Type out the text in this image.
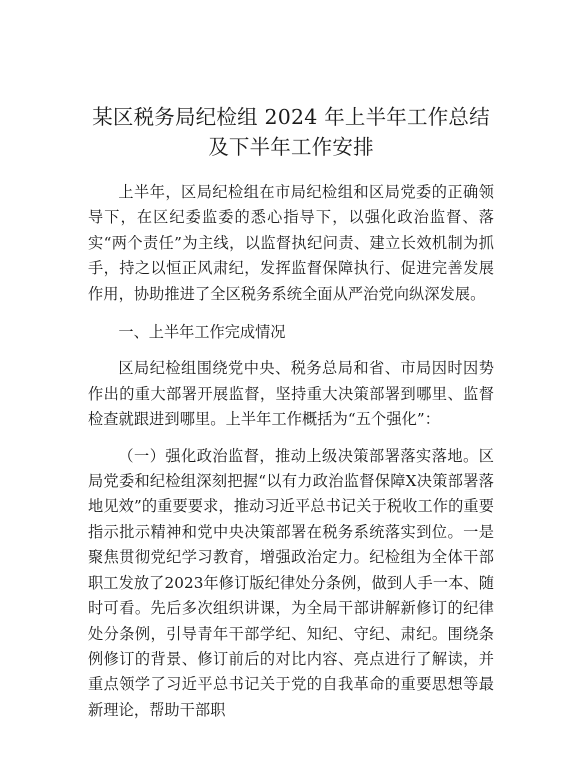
某区税务局纪检组 2024 年上半年工作总结及下半年工作安排

上半年，区局纪检组在市局纪检组和区局党委的正确领导下，在区纪委监委的悉心指导下，以强化政治监督、落实“两个责任”为主线，以监督执纪问责、建立长效机制为抓手，持之以恒正风肃纪，发挥监督保障执行、促进完善发展作用，协助推进了全区税务系统全面从严治党向纵深发展。

一、上半年工作完成情况

区局纪检组围绕党中央、税务总局和省、市局因时因势作出的重大部署开展监督，坚持重大决策部署到哪里、监督检查就跟进到哪里。上半年工作概括为“五个强化”：

（一）强化政治监督，推动上级决策部署落实落地。区局党委和纪检组深刻把握“以有力政治监督保障X决策部署落地见效”的重要要求，推动习近平总书记关于税收工作的重要指示批示精神和党中央决策部署在税务系统落实到位。一是聚焦贯彻党纪学习教育，增强政治定力。纪检组为全体干部职工发放了2023年修订版纪律处分条例，做到人手一本、随时可看。先后多次组织讲课，为全局干部讲解新修订的纪律处分条例，引导青年干部学纪、知纪、守纪、肃纪。围绕条例修订的背景、修订前后的对比内容、亮点进行了解读，并重点领学了习近平总书记关于党的自我革命的重要思想等最新理论，帮助干部职
